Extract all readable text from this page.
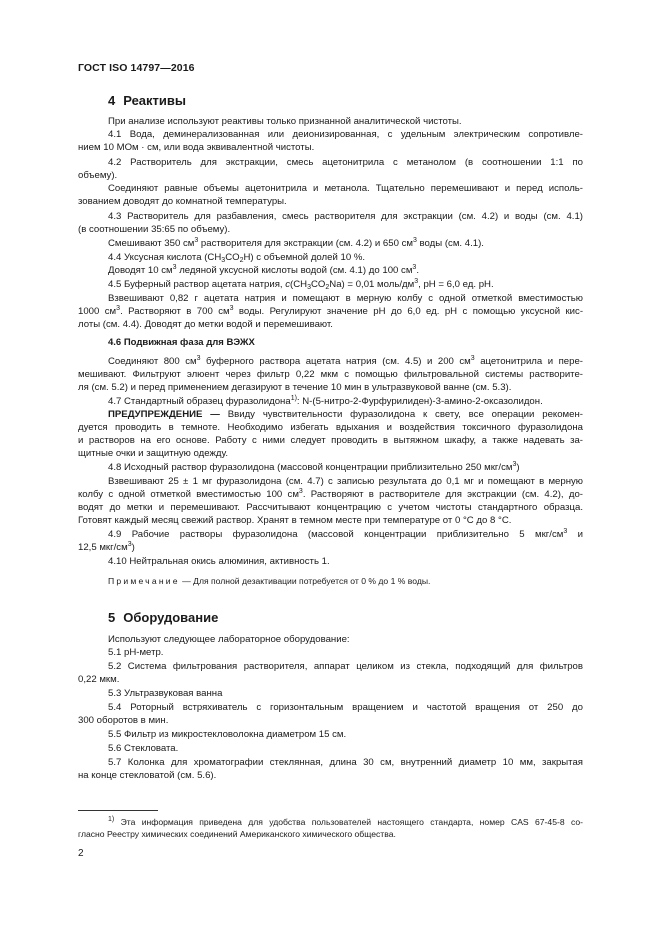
ГОСТ ISO 14797—2016
4 Реактивы
При анализе используют реактивы только признанной аналитической чистоты.
4.1 Вода, деминерализованная или деионизированная, с удельным электрическим сопротивле-
нием 10 МОм · см, или вода эквивалентной чистоты.
4.2 Растворитель для экстракции, смесь ацетонитрила с метанолом (в соотношении 1:1 по
объему).
Соединяют равные объемы ацетонитрила и метанола. Тщательно перемешивают и перед исполь-
зованием доводят до комнатной температуры.
4.3 Растворитель для разбавления, смесь растворителя для экстракции (см. 4.2) и воды (см. 4.1)
(в соотношении 35:65 по объему).
Смешивают 350 $см^3$ растворителя для экстракции (см. 4.2) и 650 $см^3$ воды (см. 4.1).
4.4 Уксусная кислота $(CH_3CO_2H)$ с объемной долей 10 %.
Доводят 10 $см^3$ ледяной уксусной кислоты водой (см. 4.1) до 100 $см^3$.
4.5 Буферный раствор ацетата натрия, $c(CH_3CO_2Na) = 0,01$ моль/$дм^3$, pH = 6,0 ед. pH.
Взвешивают 0,82 г ацетата натрия и помещают в мерную колбу с одной отметкой вместимостью
1000 $см^3$. Растворяют в 700 $см^3$ воды. Регулируют значение pH до 6,0 ед. pH с помощью уксусной кис-
лоты (см. 4.4). Доводят до метки водой и перемешивают.
4.6 Подвижная фаза для ВЭЖХ
Соединяют 800 $см^3$ буферного раствора ацетата натрия (см. 4.5) и 200 $см^3$ ацетонитрила и пере-
мешивают. Фильтруют элюент через фильтр 0,22 мкм с помощью фильтровальной системы растворите-
ля (см. 5.2) и перед применением дегазируют в течение 10 мин в ультразвуковой ванне (см. 5.3).
4.7 Стандартный образец фуразолидона$^{1)}$: N-(5-нитро-2-Фурфурилиден)-3-амино-2-оксазолидон.
ПРЕДУПРЕЖДЕНИЕ — Ввиду чувствительности фуразолидона к свету, все операции рекомен-
дуется проводить в темноте. Необходимо избегать вдыхания и воздействия токсичного фуразолидона
и растворов на его основе. Работу с ними следует проводить в вытяжном шкафу, а также надевать за-
щитные очки и защитную одежду.
4.8 Исходный раствор фуразолидона (массовой концентрации приблизительно 250 мкг/$см^3$)
Взвешивают 25 ± 1 мг фуразолидона (см. 4.7) с записью результата до 0,1 мг и помещают в мерную
колбу с одной отметкой вместимостью 100 $см^3$. Растворяют в растворителе для экстракции (см. 4.2), до-
водят до метки и перемешивают. Рассчитывают концентрацию с учетом чистоты стандартного образца.
Готовят каждый месяц свежий раствор. Хранят в темном месте при температуре от 0 °C до 8 °C.
4.9 Рабочие растворы фуразолидона (массовой концентрации приблизительно 5 мкг/$см^3$ и
12,5 мкг/$см^3$)
4.10 Нейтральная окись алюминия, активность 1.
Примечание — Для полной дезактивации потребуется от 0 % до 1 % воды.
5 Оборудование
Используют следующее лабораторное оборудование:
5.1 pH-метр.
5.2 Система фильтрования растворителя, аппарат целиком из стекла, подходящий для фильтров
0,22 мкм.
5.3 Ультразвуковая ванна
5.4 Роторный встряхиватель с горизонтальным вращением и частотой вращения от 250 до
300 оборотов в мин.
5.5 Фильтр из микростекловолокна диаметром 15 см.
5.6 Стекловата.
5.7 Колонка для хроматографии стеклянная, длина 30 см, внутренний диаметр 10 мм, закрытая
на конце стекловатой (см. 5.6).
$^{1)}$ Эта информация приведена для удобства пользователей настоящего стандарта, номер CAS 67-45-8 со-
гласно Реестру химических соединений Американского химического общества.
2
